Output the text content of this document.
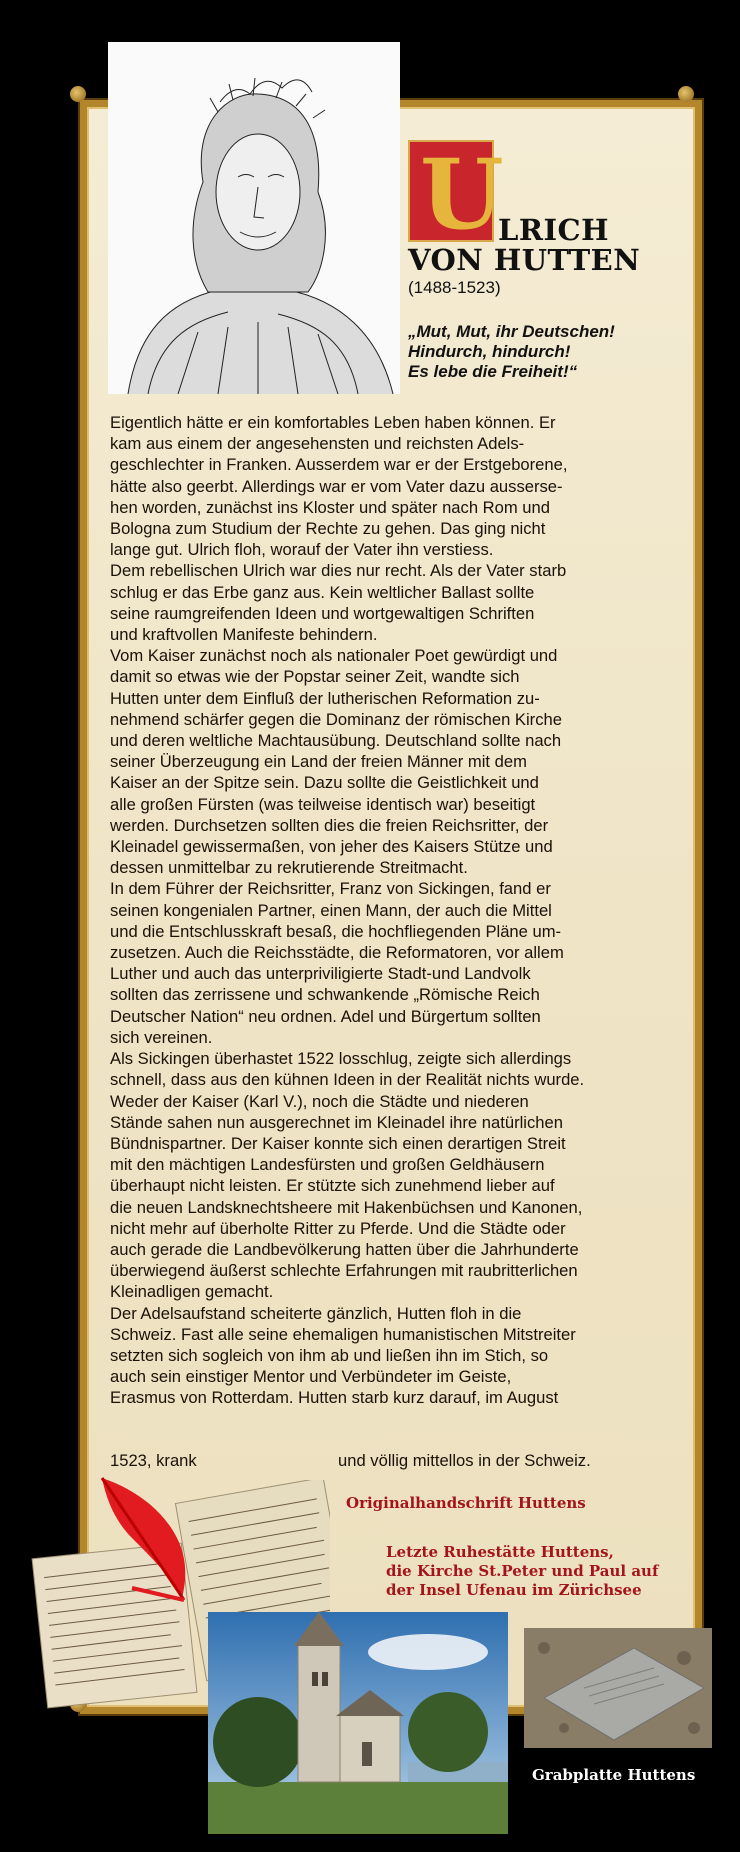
U
LRICH
VON HUTTEN
(1488-1523)
„Mut, Mut, ihr Deutschen!
Hindurch, hindurch!
Es lebe die Freiheit!“
Eigentlich hätte er ein komfortables Leben haben können. Er
kam aus einem der angesehensten und reichsten Adels-
geschlechter in Franken. Ausserdem war er der Erstgeborene,
hätte also geerbt. Allerdings war er vom Vater dazu ausserse-
hen worden, zunächst ins Kloster und später nach Rom und
Bologna zum Studium der Rechte zu gehen. Das ging nicht
lange gut. Ulrich floh, worauf der Vater ihn verstiess.
Dem rebellischen Ulrich war dies nur recht. Als der Vater starb
schlug er das Erbe ganz aus. Kein weltlicher Ballast sollte
seine raumgreifenden Ideen und wortgewaltigen Schriften
und kraftvollen Manifeste behindern.
Vom Kaiser zunächst noch als nationaler Poet gewürdigt und
damit so etwas wie der Popstar seiner Zeit, wandte sich
Hutten unter dem Einfluß der lutherischen Reformation zu-
nehmend schärfer gegen die Dominanz der römischen Kirche
und deren weltliche Machtausübung. Deutschland sollte nach
seiner Überzeugung ein Land der freien Männer mit dem
Kaiser an der Spitze sein. Dazu sollte die Geistlichkeit und
alle großen Fürsten (was teilweise identisch war) beseitigt
werden. Durchsetzen sollten dies die freien Reichsritter, der
Kleinadel gewissermaßen, von jeher des Kaisers Stütze und
dessen unmittelbar zu rekrutierende Streitmacht.
In dem Führer der Reichsritter, Franz von Sickingen, fand er
seinen kongenialen Partner, einen Mann, der auch die Mittel
und die Entschlusskraft besaß, die hochfliegenden Pläne um-
zusetzen. Auch die Reichsstädte, die Reformatoren, vor allem
Luther und auch das unterpriviligierte Stadt-und Landvolk
sollten das zerrissene und schwankende „Römische Reich
Deutscher Nation“ neu ordnen. Adel und Bürgertum sollten
sich vereinen.
Als Sickingen überhastet 1522 losschlug, zeigte sich allerdings
schnell, dass aus den kühnen Ideen in der Realität nichts wurde.
Weder der Kaiser (Karl V.), noch die Städte und niederen
Stände sahen nun ausgerechnet im Kleinadel ihre natürlichen
Bündnispartner. Der Kaiser konnte sich einen derartigen Streit
mit den mächtigen Landesfürsten und großen Geldhäusern
überhaupt nicht leisten. Er stützte sich zunehmend lieber auf
die neuen Landsknechtsheere mit Hakenbüchsen und Kanonen,
nicht mehr auf überholte Ritter zu Pferde. Und die Städte oder
auch gerade die Landbevölkerung hatten über die Jahrhunderte
überwiegend äußerst schlechte Erfahrungen mit raubritterlichen
Kleinadligen gemacht.
Der Adelsaufstand scheiterte gänzlich, Hutten floh in die
Schweiz. Fast alle seine ehemaligen humanistischen Mitstreiter
setzten sich sogleich von ihm ab und ließen ihn im Stich, so
auch sein einstiger Mentor und Verbündeter im Geiste,
Erasmus von Rotterdam. Hutten starb kurz darauf, im August
1523, krank	und völlig mittellos in der Schweiz.
Originalhandschrift Huttens
Letzte Ruhestätte Huttens,
die Kirche St.Peter und Paul auf
der Insel Ufenau im Zürichsee
Grabplatte Huttens
